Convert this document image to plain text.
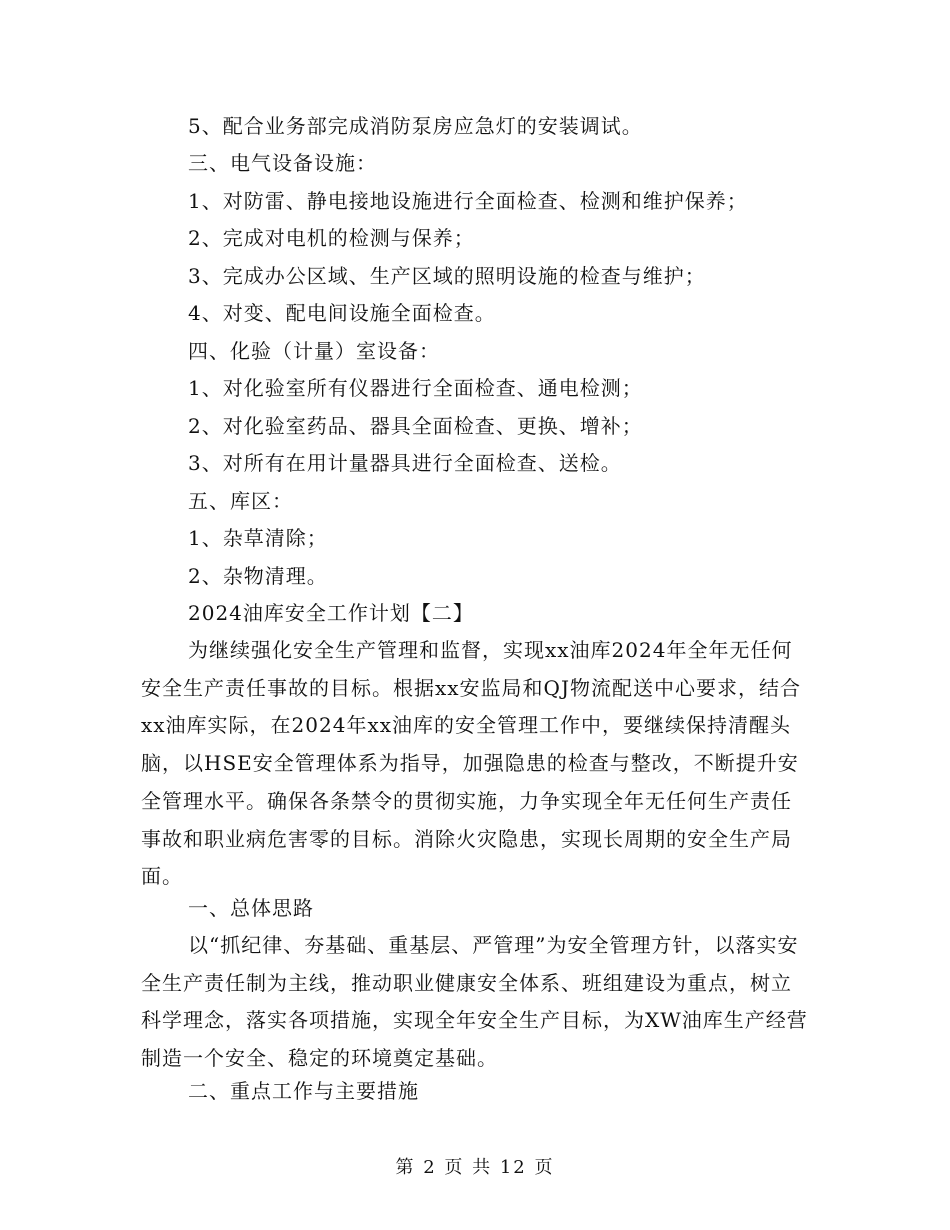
5、配合业务部完成消防泵房应急灯的安装调试。
三、电气设备设施：
1、对防雷、静电接地设施进行全面检查、检测和维护保养；
2、完成对电机的检测与保养；
3、完成办公区域、生产区域的照明设施的检查与维护；
4、对变、配电间设施全面检查。
四、化验（计量）室设备：
1、对化验室所有仪器进行全面检查、通电检测；
2、对化验室药品、器具全面检查、更换、增补；
3、对所有在用计量器具进行全面检查、送检。
五、库区：
1、杂草清除；
2、杂物清理。
2024油库安全工作计划【二】
为继续强化安全生产管理和监督，实现xx油库2024年全年无任何安全生产责任事故的目标。根据xx安监局和QJ物流配送中心要求，结合xx油库实际，在2024年xx油库的安全管理工作中，要继续保持清醒头脑，以HSE安全管理体系为指导，加强隐患的检查与整改，不断提升安全管理水平。确保各条禁令的贯彻实施，力争实现全年无任何生产责任事故和职业病危害零的目标。消除火灾隐患，实现长周期的安全生产局面。
一、总体思路
以“抓纪律、夯基础、重基层、严管理”为安全管理方针，以落实安全生产责任制为主线，推动职业健康安全体系、班组建设为重点，树立科学理念，落实各项措施，实现全年安全生产目标，为XW油库生产经营制造一个安全、稳定的环境奠定基础。
二、重点工作与主要措施
第 2 页 共 12 页
